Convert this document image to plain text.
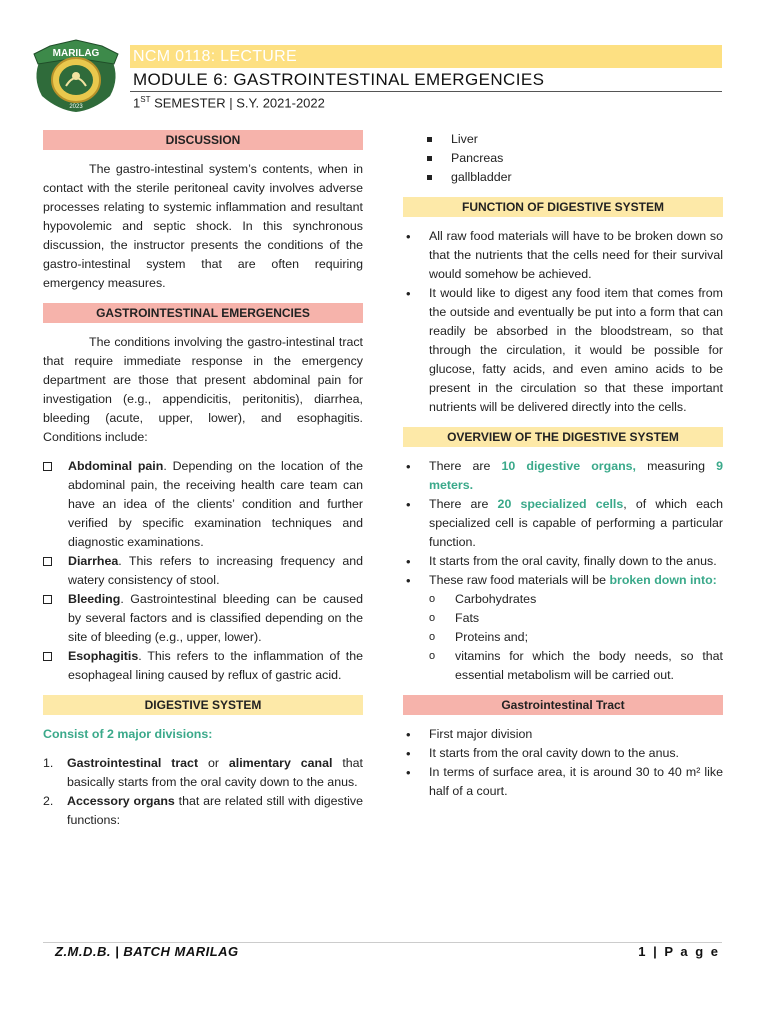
MARILAG
2023
NCM 0118: LECTURE
MODULE 6: GASTROINTESTINAL EMERGENCIES
1ST SEMESTER | S.Y. 2021-2022
DISCUSSION

The gastro-intestinal system’s contents, when in contact with the sterile peritoneal cavity involves adverse processes relating to systemic inflammation and resultant hypovolemic and septic shock. In this synchronous discussion, the instructor presents the conditions of the gastro-intestinal system that are often requiring emergency measures.

GASTROINTESTINAL EMERGENCIES

The conditions involving the gastro-intestinal tract that require immediate response in the emergency department are those that present abdominal pain for investigation (e.g., appendicitis, peritonitis), diarrhea, bleeding (acute, upper, lower), and esophagitis. Conditions include:

Abdominal pain. Depending on the location of the abdominal pain, the receiving health care team can have an idea of the clients’ condition and further verified by specific examination techniques and diagnostic examinations.
Diarrhea. This refers to increasing frequency and watery consistency of stool.
Bleeding. Gastrointestinal bleeding can be caused by several factors and is classified depending on the site of bleeding (e.g., upper, lower).
Esophagitis. This refers to the inflammation of the esophageal lining caused by reflux of gastric acid.
DIGESTIVE SYSTEM

Consist of 2 major divisions:

1. Gastrointestinal tract or alimentary canal that basically starts from the oral cavity down to the anus.
2. Accessory organs that are related still with digestive functions:
Liver
Pancreas
gallbladder
FUNCTION OF DIGESTIVE SYSTEM
• All raw food materials will have to be broken down so that the nutrients that the cells need for their survival would somehow be achieved.
• It would like to digest any food item that comes from the outside and eventually be put into a form that can readily be absorbed in the bloodstream, so that through the circulation, it would be possible for glucose, fatty acids, and even amino acids to be present in the circulation so that these important nutrients will be delivered directly into the cells.
OVERVIEW OF THE DIGESTIVE SYSTEM
• There are 10 digestive organs, measuring 9 meters.
• There are 20 specialized cells, of which each specialized cell is capable of performing a particular function.
• It starts from the oral cavity, finally down to the anus.
• These raw food materials will be broken down into:
o Carbohydrates
o Fats
o Proteins and;
o vitamins for which the body needs, so that essential metabolism will be carried out.
Gastrointestinal Tract
• First major division
• It starts from the oral cavity down to the anus.
• In terms of surface area, it is around 30 to 40 m² like half of a court.
Z.M.D.B. | BATCH MARILAG	1 | P a g e
